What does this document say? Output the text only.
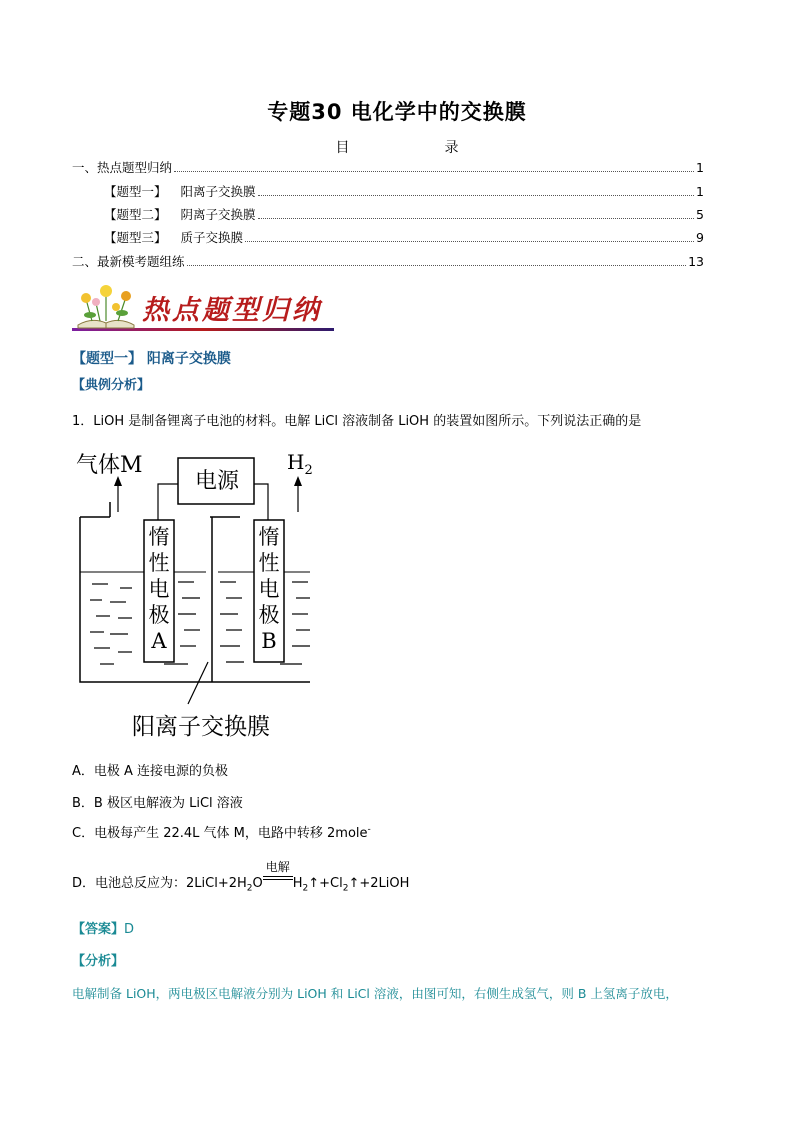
专题30 电化学中的交换膜
目	录
一、热点题型归纳	1
【题型一】 阳离子交换膜	1
【题型二】 阴离子交换膜	5
【题型三】 质子交换膜	9
二、最新模考题组练	13
热点题型归纳
【题型一】 阳离子交换膜
【典例分析】
1．LiOH 是制备锂离子电池的材料。电解 LiCl 溶液制备 LiOH 的装置如图所示。下列说法正确的是
气体M
电源
$H_2$
惰
性
电
极
A
惰
性
电
极
B
阳离子交换膜
A．电极 A 连接电源的负极
B．B 极区电解液为 LiCl 溶液
C．电极每产生 22.4L 气体 M，电路中转移 2mole-
D．电池总反应为：$2LiCl+2H_2O$
电解
$H_2↑+Cl_2↑+2LiOH$
【答案】D
【分析】
电解制备 LiOH，两电极区电解液分别为 LiOH 和 LiCl 溶液，由图可知，右侧生成氢气，则 B 上氢离子放电，
